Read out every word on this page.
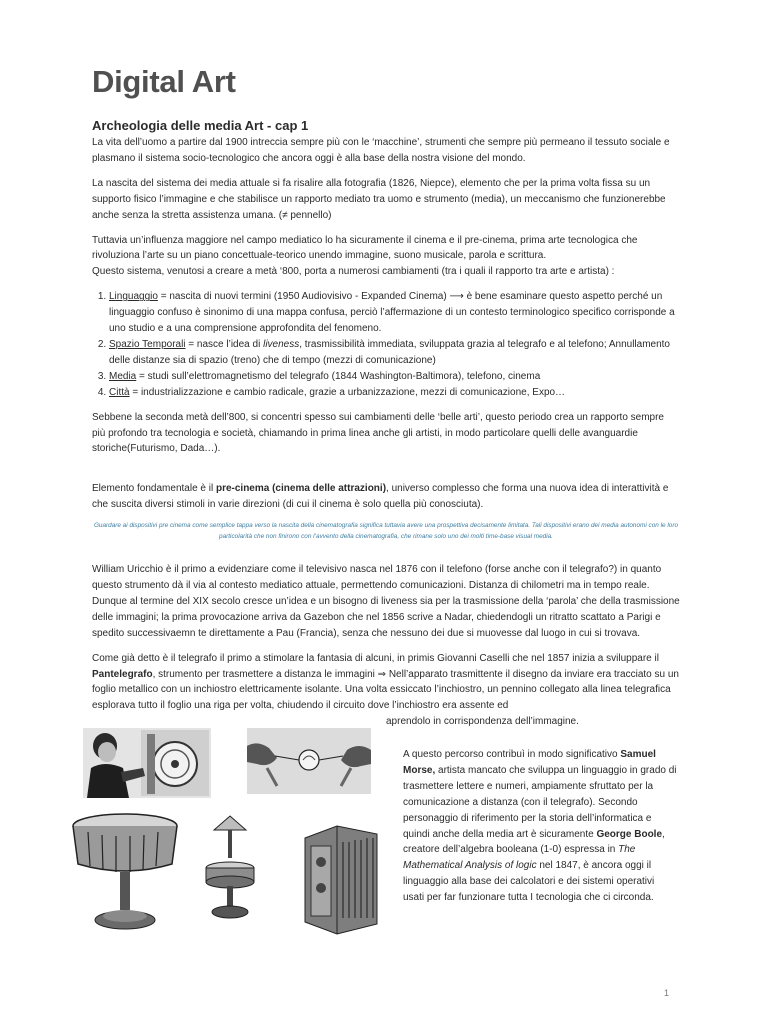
Digital Art
Archeologia delle media Art - cap 1

La vita dell’uomo a partire dal 1900 intreccia sempre più con le ‘macchine’, strumenti che sempre più permeano il tessuto sociale e plasmano il sistema socio-tecnologico che ancora oggi è alla base della nostra visione del mondo.

La nascita del sistema dei media attuale si fa risalire alla fotografia (1826, Niepce), elemento che per la prima volta fissa su un supporto fisico l’immagine e che stabilisce un rapporto mediato tra uomo e strumento (media), un meccanismo che funzionerebbe anche senza la stretta assistenza umana. (≠ pennello)

Tuttavia un’influenza maggiore nel campo mediatico lo ha sicuramente il cinema e il pre-cinema, prima arte tecnologica che rivoluziona l’arte su un piano concettuale-teorico unendo immagine, suono musicale, parola e scrittura.
Questo sistema, venutosi a creare a metà ‘800, porta a numerosi cambiamenti (tra i quali il rapporto tra arte e artista) :

1. Linguaggio = nascita di nuovi termini (1950 Audiovisivo - Expanded Cinema) ⟶ è bene esaminare questo aspetto perché un linguaggio confuso è sinonimo di una mappa confusa, perciò l’affermazione di un contesto terminologico specifico corrisponde a uno studio e a una comprensione approfondita del fenomeno.
2. Spazio Temporali = nasce l’idea di liveness, trasmissibilità immediata, sviluppata grazia al telegrafo e al telefono; Annullamento delle distanze sia di spazio (treno) che di tempo (mezzi di comunicazione)
3. Media = studi sull’elettromagnetismo del telegrafo (1844 Washington-Baltimora), telefono, cinema
4. Città = industrializzazione e cambio radicale, grazie a urbanizzazione, mezzi di comunicazione, Expo…

Sebbene la seconda metà dell’800, si concentri spesso sui cambiamenti delle ‘belle arti’, questo periodo crea un rapporto sempre più profondo tra tecnologia e società, chiamando in prima linea anche gli artisti, in modo particolare quelli delle avanguardie storiche(Futurismo, Dada…).

Elemento fondamentale è il pre-cinema (cinema delle attrazioni), universo complesso che forma una nuova idea di interattività e che suscita diversi stimoli in varie direzioni (di cui il cinema è solo quella più conosciuta).

Guardare ai dispositivi pre cinema come semplice tappa verso la nascita della cinematografia significa tuttavia avere una prospettiva decisamente limitata. Tali dispositivi erano dei media autonomi con le loro particolarità che non finirono con l’avvento della cinematografia, che rimane solo uno dei molti time-base visual media.

William Uricchio è il primo a evidenziare come il televisivo nasca nel 1876 con il telefono (forse anche con il telegrafo?) in quanto questo strumento dà il via al contesto mediatico attuale, permettendo comunicazioni. Distanza di chilometri ma in tempo reale. Dunque al termine del XIX secolo cresce un’idea e un bisogno di liveness sia per la trasmissione della ‘parola’ che della trasmissione delle immagini; la prima provocazione arriva da Gazebon che nel 1856 scrive a Nadar, chiedendogli un ritratto scattato a Parigi e spedito successivaemn te direttamente a Pau (Francia), senza che nessuno dei due si muovesse dal luogo in cui si trovava.

Come già detto è il telegrafo il primo a stimolare la fantasia di alcuni, in primis Giovanni Caselli che nel 1857 inizia a sviluppare il Pantelegrafo, strumento per trasmettere a distanza le immagini ⇒ Nell’apparato trasmittente il disegno da inviare era tracciato su un foglio metallico con un inchiostro elettricamente isolante. Una volta essiccato l’inchiostro, un pennino collegato alla linea telegrafica esplorava tutto il foglio una riga per volta, chiudendo il circuito dove l’inchiostro era assente ed

aprendolo in corrispondenza dell’immagine.

A questo percorso contribuì in modo significativo Samuel Morse, artista mancato che sviluppa un linguaggio in grado di trasmettere lettere e numeri, ampiamente sfruttato per la comunicazione a distanza (con il telegrafo). Secondo personaggio di riferimento per la storia dell’informatica e quindi anche della media art è sicuramente George Boole, creatore dell’algebra booleana (1-0) espressa in The Mathematical Analysis of logic nel 1847, è ancora oggi il linguaggio alla base dei calcolatori e dei sistemi operativi usati per far funzionare tutta I tecnologia che ci circonda.

1
